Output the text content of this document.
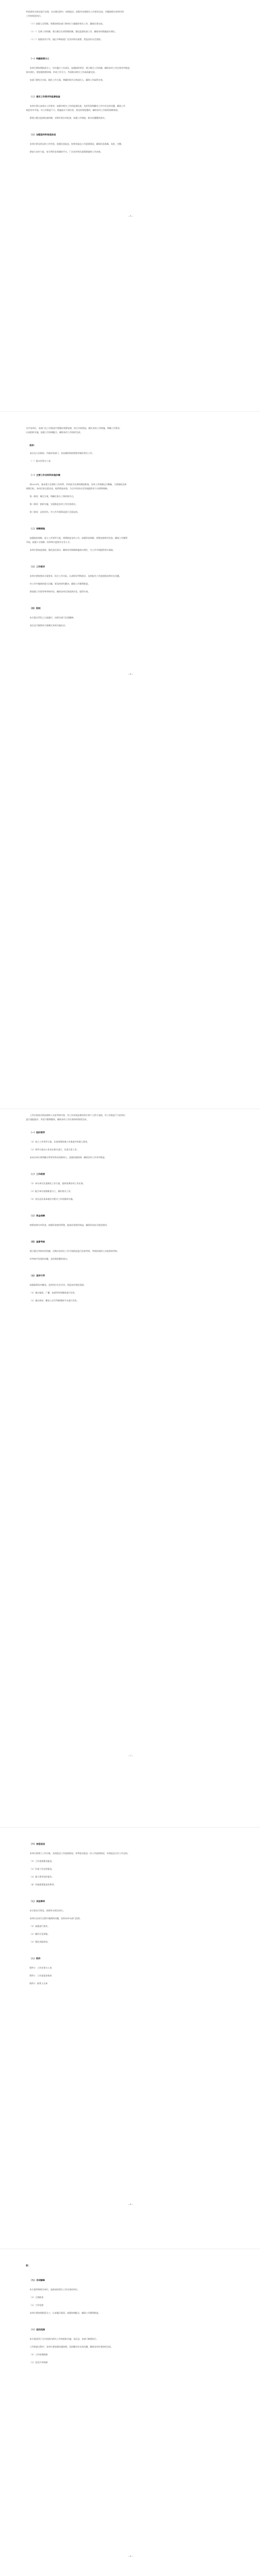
件依照有关规定进行办理，在办理过程中，按照依法、依程序办理相关工作要求完成，并确保相关材料归档
工作按规范执行。
（十）加强人员管理，统筹协调各部门和单位力量做好相关工作，确保任务完成。
（十一）完善工作机制，建立健全长效管理机制，强化监督检查工作，确保各项措施落实到位。
（十二）加强宣传引导，通过多种渠道广泛宣传相关政策，营造良好社会氛围。
（一）明确职责分工
各单位要按照职责分工，切实履行工作责任，加强组织领导，建立健全工作机制，确保各项工作任务有序推进、
落实到位。要加强统筹协调，形成工作合力，共同推动相关工作高质量完成。
各部门要结合实际，细化工作方案，明确时间节点和责任人，确保工作取得实效。
（二）落实工作要求和监督检查
各单位要认真落实工作要求，加强对相关工作的监督检查，及时发现和解决工作中存在的问题，确保工作
规范有序开展。对工作推进不力、措施落实不到位的，要及时督促整改，确保各项工作取得预期效果。
要建立健全监督检查机制，定期开展专项检查，加强工作调度，推动问题整改落实。
（三）加强宣传和信息报送
各单位要及时总结工作经验，加强信息报送，按要求报送工作进展情况，确保信息准确、及时、完整。
要加大宣传力度，充分利用各类媒体平台，广泛宣传相关政策措施和工作成效。
—5—
全市各单位、各部门在工作推进中要做好统筹安排，结合实际情况，制定具体工作措施，明确工作要求，
认真组织实施，加强工作协调配合，确保各项工作按时完成。
附件：
各区县人民政府、市政府各部门、各直属机构按照要求做好相关工作。
（一）重点任务分工表
（一）主要工作目标和实施步骤
到2025年，基本建立完善的工作体系，形成较为完善的制度框架，各项工作机制运行顺畅，主要指标达到
预期目标。各项任务全面完成，取得明显成效，为全市经济社会发展提供有力支撑和保障。
第一阶段：制定方案，明确任务分工和时间节点。
第二阶段：组织实施，全面推进各项工作任务落实。
第三阶段：总结评估，对工作开展情况进行全面总结。
（二）保障措施
加强组织保障，成立工作领导小组，统筹推进各项工作。加强资金保障，统筹安排相关资金，确保工作顺利
开展。加强人才保障，培养和引进相关专业人才。
各单位要高度重视，强化责任落实，确保各项保障措施落实到位，为工作开展提供坚实基础。
（三）工作要求
各单位要按照本方案要求，结合工作实际，认真抓好贯彻落实，及时报告工作进展情况和存在问题。
对工作中遇到的重大问题，要及时研究解决，确保工作顺利推进。
要加强工作督导和考核评估，确保各项任务落到实处，取得实效。
（四）附则
本方案自印发之日起施行，由相关部门负责解释。
各区县可参照本方案制定具体实施办法。
—6—
工作任务落实情况要纳入年度考核内容，对工作成效显著的单位和个人给予表扬，对工作推进不力的单位
进行通报批评，并责令限期整改。确保各项工作任务按时保质完成。
（一）组织领导
（1）成立工作领导小组，负责统筹协调工作推进中的重大事项。
（2）领导小组办公室设在相关部门，负责日常工作。
各成员单位要明确分管领导和具体联络人，加强沟通协调，确保各项工作有序推进。
（二）工作职责
（1）牵头单位负责制定工作方案，组织协调各项工作任务。
（2）配合单位按照职责分工，做好相关工作。
（3）各区县负责本辖区内相关工作的组织实施。
（三）资金保障
统筹安排专项资金，加强资金使用管理，提高资金使用效益，确保资金安全规范使用。
（四）监督考核
建立健全考核评价机制，定期对各单位工作开展情况进行检查考核，考核结果纳入年度绩效考核。
对考核中发现的问题，及时督促整改落实。
（五）宣传引导
加强政策宣传解读，及时回应社会关切，营造良好舆论氛围。
（1）通过报纸、广播、电视等传统媒体进行宣传。
（2）通过网站、微信公众号等新媒体平台进行宣传。
—7—
（六）信息报送
各单位要建立工作台账，及时报送工作进展情况，每季度末报送一次工作进展情况，年底报送全年工作总结。
（1）工作进展情况报送。
（2）年度工作总结报送。
（3）重大事项及时报告。
（4）其他需要报送的事项。
（七）其他事项
本方案未尽事宜，按照有关规定执行。
各单位在执行过程中遇到的问题，及时向牵头部门反馈。
（1）加强部门协作。
（2）做好应急预案。
（3）强化风险防控。
（八）附件
附件1：工作任务分工表
附件2：工作进度安排表
附件3：联系人名单
—8—
附：
（九）名词解释
本方案所称相关单位，是指承担相关工作任务的单位。
（1）主要职责
（2）工作范围
各单位要按照职责分工，认真履行职责，加强协调配合，确保工作顺利推进。
（十）适用范围
本方案适用于全市范围内相关工作的组织实施，各区县、各部门参照执行。
工作推进过程中，各单位要加强沟通协调，及时解决存在的问题，确保各项任务按时完成。
（1）工作协调机制
（2）信息共享机制
—9—
